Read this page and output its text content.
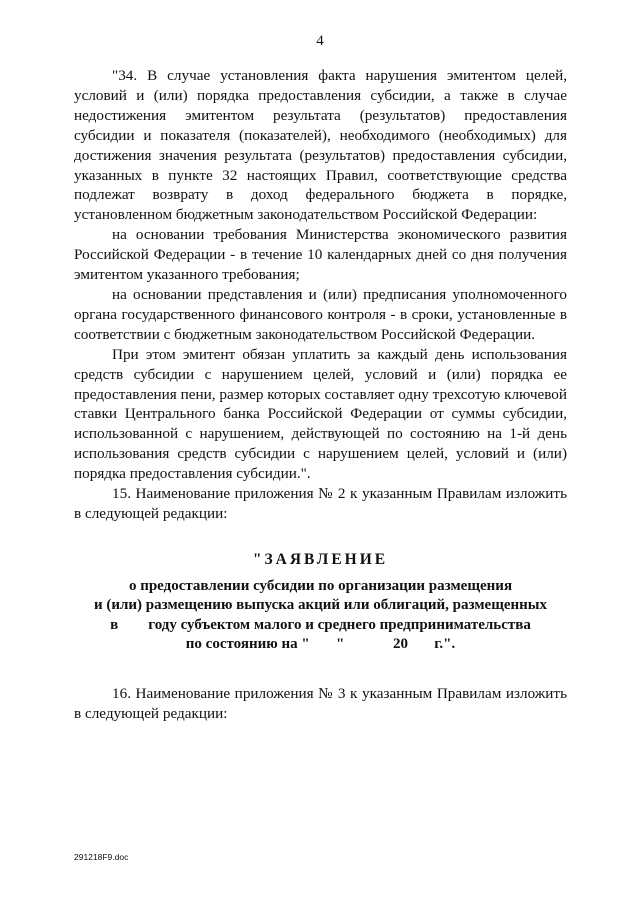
4

"34. В случае установления факта нарушения эмитентом целей, условий и (или) порядка предоставления субсидии, а также в случае недостижения эмитентом результата (результатов) предоставления субсидии и показателя (показателей), необходимого (необходимых) для достижения значения результата (результатов) предоставления субсидии, указанных в пункте 32 настоящих Правил, соответствующие средства подлежат возврату в доход федерального бюджета в порядке, установленном бюджетным законодательством Российской Федерации:

на основании требования Министерства экономического развития Российской Федерации - в течение 10 календарных дней со дня получения эмитентом указанного требования;

на основании представления и (или) предписания уполномоченного органа государственного финансового контроля - в сроки, установленные в соответствии с бюджетным законодательством Российской Федерации.

При этом эмитент обязан уплатить за каждый день использования средств субсидии с нарушением целей, условий и (или) порядка ее предоставления пени, размер которых составляет одну трехсотую ключевой ставки Центрального банка Российской Федерации от суммы субсидии, использованной с нарушением, действующей по состоянию на 1-й день использования средств субсидии с нарушением целей, условий и (или) порядка предоставления субсидии.".

15. Наименование приложения № 2 к указанным Правилам изложить в следующей редакции:

"ЗАЯВЛЕНИЕ
о предоставлении субсидии по организации размещения
и (или) размещению выпуска акций или облигаций, размещенных
в        году субъектом малого и среднего предпринимательства
по состоянию на "       "             20       г.".

16. Наименование приложения № 3 к указанным Правилам изложить в следующей редакции:

291218F9.doc
